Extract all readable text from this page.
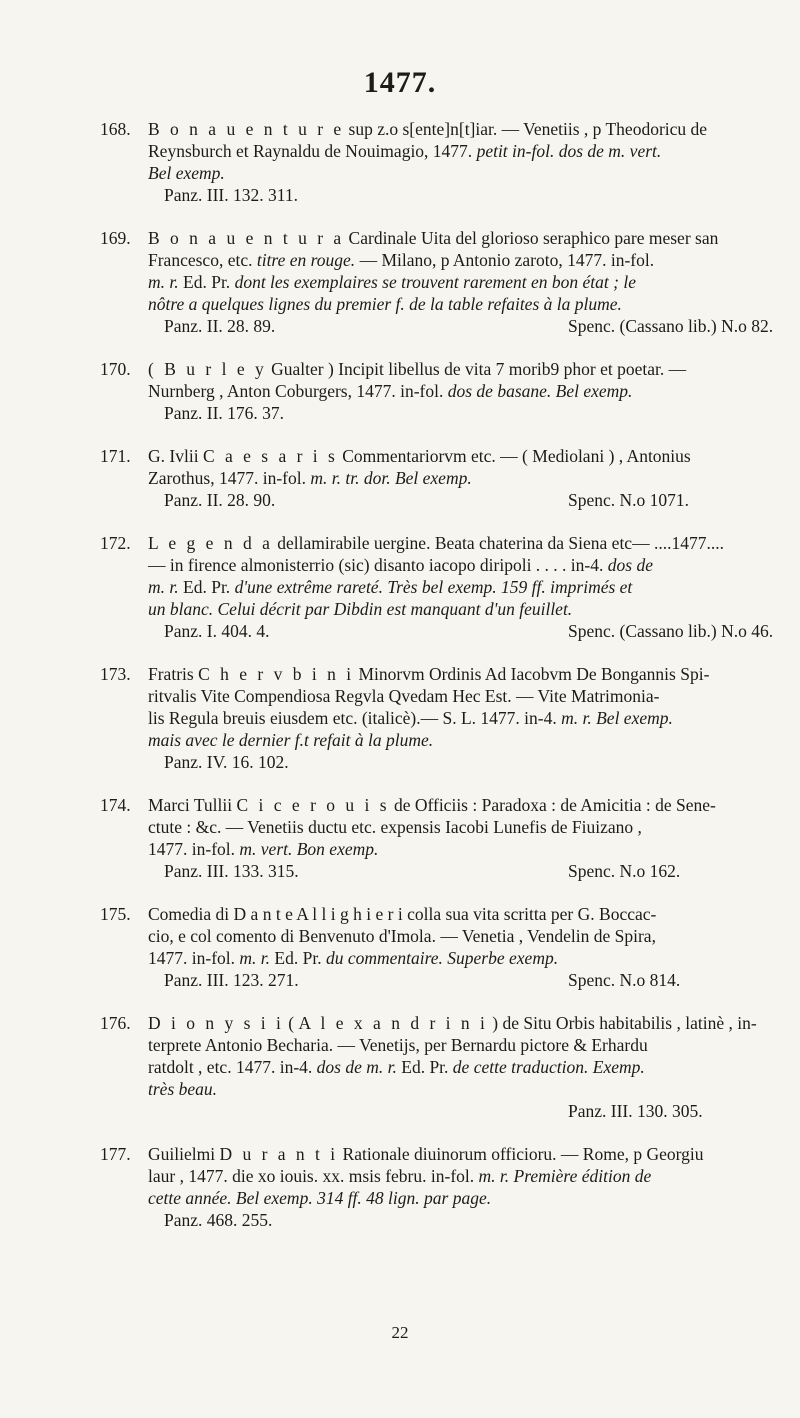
1477.
168. B o n a u e n t u r e sup z.o s[ente]n[t]iar. — Venetiis , p Theodoricu de
Reynsburch et Raynaldu de Nouimagio, 1477. petit in-fol. dos de m. vert.
Bel exemp.
Panz. III. 132. 311.
169. B o n a u e n t u r a Cardinale Uita del glorioso seraphico pare meser san
Francesco, etc. titre en rouge. — Milano, p Antonio zaroto, 1477. in-fol.
m. r. Ed. Pr. dont les exemplaires se trouvent rarement en bon état ; le
nôtre a quelques lignes du premier f. de la table refaites à la plume.
Panz. II. 28. 89.	Spenc. (Cassano lib.) N.o 82.
170. ( B u r l e y Gualter ) Incipit libellus de vita 7 morib9 phor et poetar. —
Nurnberg , Anton Coburgers, 1477. in-fol. dos de basane. Bel exemp.
Panz. II. 176. 37.
171. G. Ivlii C a e s a r i s Commentariorvm etc. — ( Mediolani ) , Antonius
Zarothus, 1477. in-fol. m. r. tr. dor. Bel exemp.
Panz. II. 28. 90.	Spenc. N.o 1071.
172. L e g e n d a dellamirabile uergine. Beata chaterina da Siena etc— ....1477....
— in firence almonisterrio (sic) disanto iacopo diripoli . . . . in-4. dos de
m. r. Ed. Pr. d'une extrême rareté. Très bel exemp. 159 ff. imprimés et
un blanc. Celui décrit par Dibdin est manquant d'un feuillet.
Panz. I. 404. 4.	Spenc. (Cassano lib.) N.o 46.
173. Fratris C h e r v b i n i Minorvm Ordinis Ad Iacobvm De Bongannis Spi-
ritvalis Vite Compendiosa Regvla Qvedam Hec Est. — Vite Matrimonia-
lis Regula breuis eiusdem etc. (italicè).— S. L. 1477. in-4. m. r. Bel exemp.
mais avec le dernier f.t refait à la plume.
Panz. IV. 16. 102.
174. Marci Tullii C i c e r o u i s de Officiis : Paradoxa : de Amicitia : de Sene-
ctute : &c. — Venetiis ductu etc. expensis Iacobi Lunefis de Fiuizano ,
1477. in-fol. m. vert. Bon exemp.
Panz. III. 133. 315.	Spenc. N.o 162.
175. Comedia di D a n t e A l l i g h i e r i colla sua vita scritta per G. Boccac-
cio, e col comento di Benvenuto d'Imola. — Venetia , Vendelin de Spira,
1477. in-fol. m. r. Ed. Pr. du commentaire. Superbe exemp.
Panz. III. 123. 271.	Spenc. N.o 814.
176. D i o n y s i i ( A l e x a n d r i n i ) de Situ Orbis habitabilis , latinè , in-
terprete Antonio Becharia. — Venetijs, per Bernardu pictore & Erhardu
ratdolt , etc. 1477. in-4. dos de m. r. Ed. Pr. de cette traduction. Exemp.
très beau.
Panz. III. 130. 305.
177. Guilielmi D u r a n t i Rationale diuinorum officioru. — Rome, p Georgiu
laur , 1477. die xo iouis. xx. msis febru. in-fol. m. r. Première édition de
cette année. Bel exemp. 314 ff. 48 lign. par page.
Panz. 468. 255.
22
